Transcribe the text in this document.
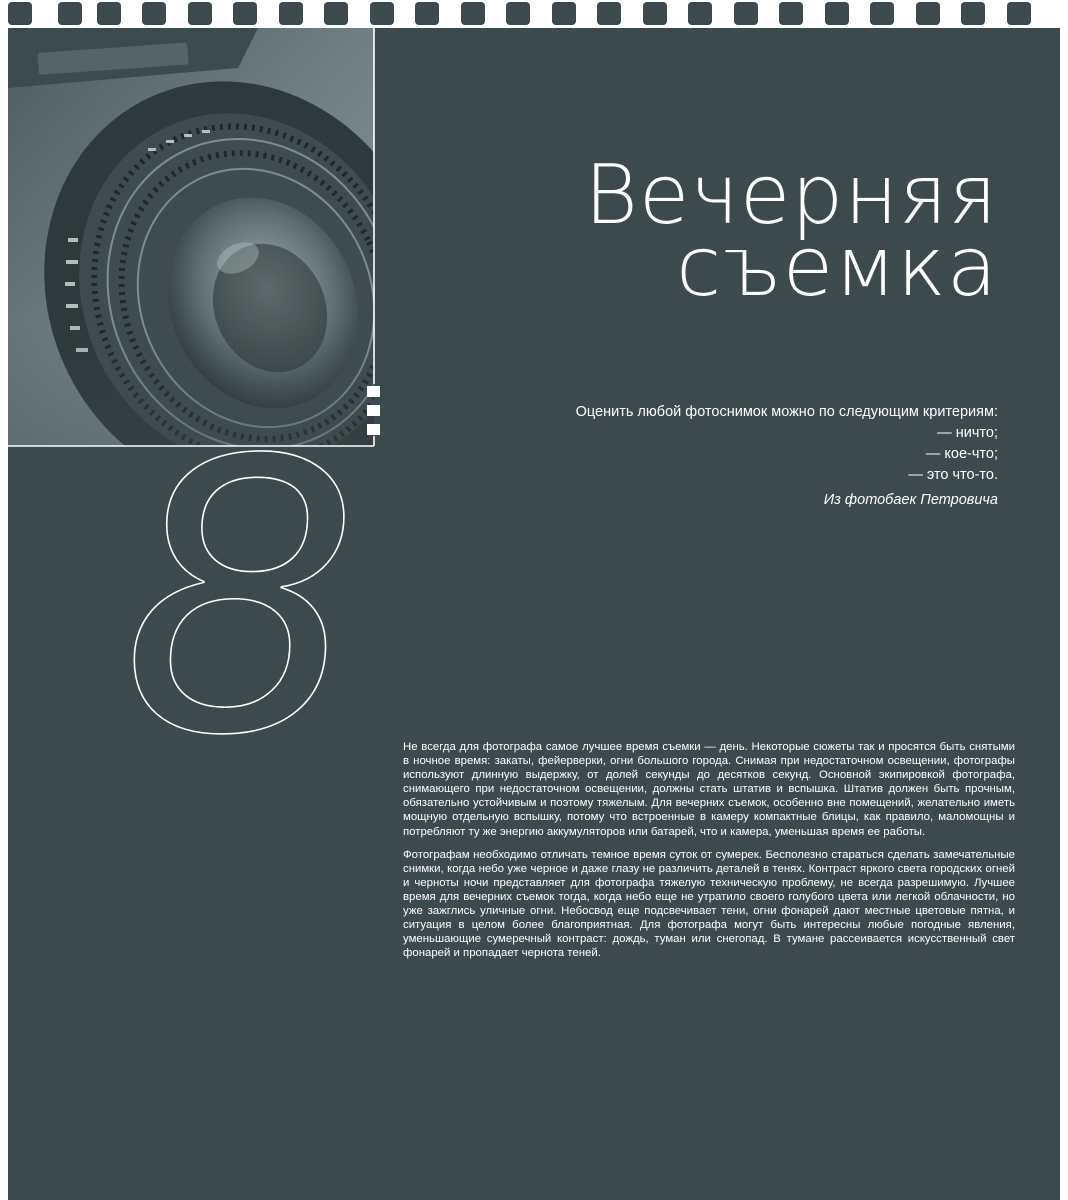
Вечерняя
съемка
Оценить любой фотоснимок можно по следующим критериям:
— ничто;
— кое-что;
— это что-то.
Из фотобаек Петровича

Не всегда для фотографа самое лучшее время съемки — день. Некоторые сюжеты так и просятся быть снятыми в ночное время: закаты, фейерверки, огни большого города. Снимая при недостаточном освещении, фотографы используют длинную выдержку, от долей секунды до десятков секунд. Основной экипировкой фотографа, снимающего при недостаточном освещении, должны стать штатив и вспышка. Штатив должен быть прочным, обязательно устойчивым и поэтому тяжелым. Для вечерних съемок, особенно вне помещений, желательно иметь мощную отдельную вспышку, потому что встроенные в камеру компактные блицы, как правило, маломощны и потребляют ту же энергию аккумуляторов или батарей, что и камера, уменьшая время ее работы.

Фотографам необходимо отличать темное время суток от сумерек. Бесполезно стараться сделать замечательные снимки, когда небо уже черное и даже глазу не различить деталей в тенях. Контраст яркого света городских огней и черноты ночи представляет для фотографа тяжелую техническую проблему, не всегда разрешимую. Лучшее время для вечерних съемок тогда, когда небо еще не утратило своего голубого цвета или легкой облачности, но уже зажглись уличные огни. Небосвод еще подсвечивает тени, огни фонарей дают местные цветовые пятна, и ситуация в целом более благоприятная. Для фотографа могут быть интересны любые погодные явления, уменьшающие сумеречный контраст: дождь, туман или снегопад. В тумане рассеивается искусственный свет фонарей и пропадает чернота теней.

8
